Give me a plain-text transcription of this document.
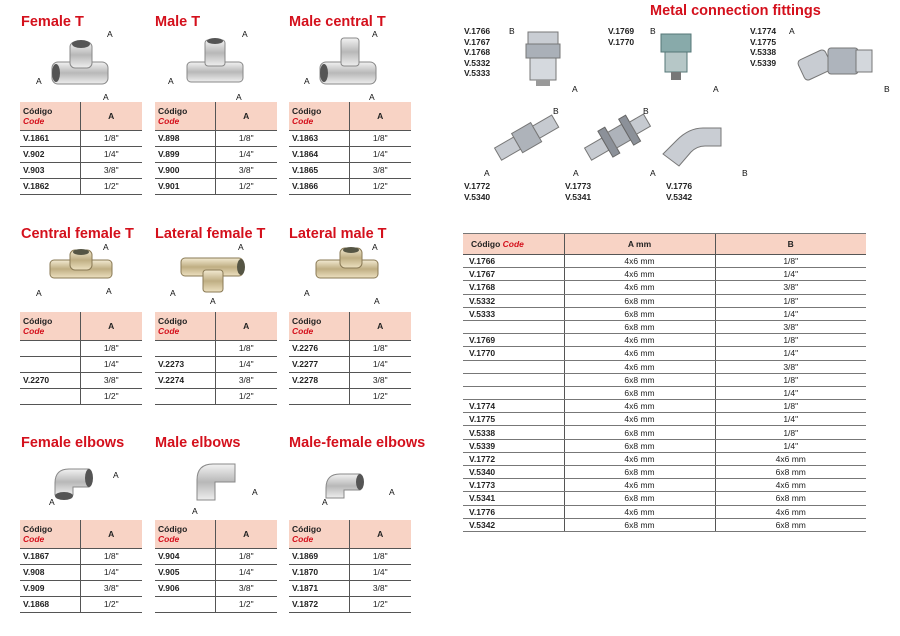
Female T	Male T	Male central T
Central female T Lateral female T Lateral male T
Female elbows Male elbows	Male-female elbows
Metal connection fittings
A
A
A
A
A
A
A
A
A
A
A	A
A
A
A
A
A
A
A
A
A
A
A
A
B
A
B
A
A
B
B
A
B
A	A	B
V.1766
V.1767
V.1768
V.5332
V.5333
V.1769
V.1770
V.1774
V.1775
V.5338
V.5339
V.1772
V.5340
V.1773
V.5341
V.1776
V.5342
Código
Code	A
V.1861	1/8"
V.902	1/4"
V.903	3/8"
V.1862	1/2"
Código
Code	A
V.898	1/8"
V.899	1/4"
V.900	3/8"
V.901	1/2"
Código
Code	A
V.1863	1/8"
V.1864	1/4"
V.1865	3/8"
V.1866	1/2"
Código
Code	A
	1/8"
	1/4"
V.2270	3/8"
	1/2"
Código
Code	A
	1/8"
V.2273	1/4"
V.2274	3/8"
	1/2"
Código
Code	A
V.2276	1/8"
V.2277	1/4"
V.2278	3/8"
	1/2"
Código
Code	A
V.1867	1/8"
V.908	1/4"
V.909	3/8"
V.1868	1/2"
Código
Code	A
V.904	1/8"
V.905	1/4"
V.906	3/8"
	1/2"
Código
Code	A
V.1869	1/8"
V.1870	1/4"
V.1871	3/8"
V.1872	1/2"
Código Code	A mm	B
V.1766	4x6 mm	1/8"
V.1767	4x6 mm	1/4"
V.1768	4x6 mm	3/8"
V.5332	6x8 mm	1/8"
V.5333	6x8 mm	1/4"
	6x8 mm	3/8"
V.1769	4x6 mm	1/8"
V.1770	4x6 mm	1/4"
	4x6 mm	3/8"
	6x8 mm	1/8"
	6x8 mm	1/4"
V.1774	4x6 mm	1/8"
V.1775	4x6 mm	1/4"
V.5338	6x8 mm	1/8"
V.5339	6x8 mm	1/4"
V.1772	4x6 mm	4x6 mm
V.5340	6x8 mm	6x8 mm
V.1773	4x6 mm	4x6 mm
V.5341	6x8 mm	6x8 mm
V.1776	4x6 mm	4x6 mm
V.5342	6x8 mm	6x8 mm
